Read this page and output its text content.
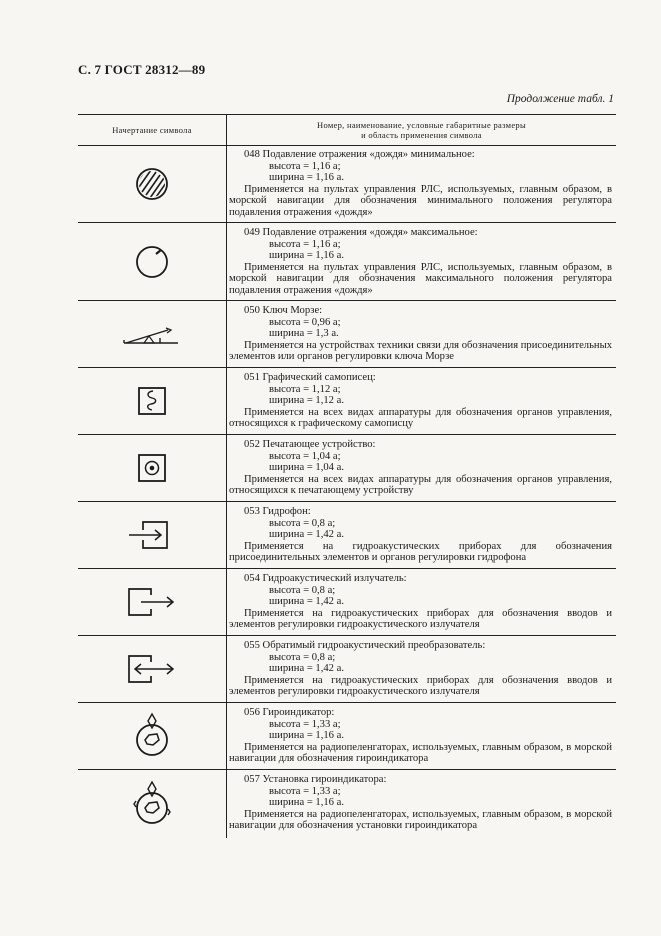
С. 7 ГОСТ 28312—89
Продолжение табл. 1
Начертание символа	Номер, наименование, условные габаритные размеры
и область применения символа
048 Подавление отражения «дождя» минимальное:
высота = 1,16 a;
ширина = 1,16 a.
Применяется на пультах управления РЛС, используемых, главным образом, в морской навигации для обозначения минимального положения регулятора подавления отражения «дождя»
049 Подавление отражения «дождя» максимальное:
высота = 1,16 a;
ширина = 1,16 a.
Применяется на пультах управления РЛС, используемых, главным образом, в морской навигации для обозначения максимального положения регулятора подавления отражения «дождя»
050 Ключ Морзе:
высота = 0,96 a;
ширина = 1,3 a.
Применяется на устройствах техники связи для обозначения присоединительных элементов или органов регулировки ключа Морзе
051 Графический самописец:
высота = 1,12 a;
ширина = 1,12 a.
Применяется на всех видах аппаратуры для обозначения органов управления, относящихся к графическому самописцу
052 Печатающее устройство:
высота = 1,04 a;
ширина = 1,04 a.
Применяется на всех видах аппаратуры для обозначения органов управления, относящихся к печатающему устройству
053 Гидрофон:
высота = 0,8 a;
ширина = 1,42 a.
Применяется на гидроакустических приборах для обозначения присоединительных элементов и органов регулировки гидрофона
054 Гидроакустический излучатель:
высота = 0,8 a;
ширина = 1,42 a.
Применяется на гидроакустических приборах для обозначения вводов и элементов регулировки гидроакустического излучателя
055 Обратимый гидроакустический преобразователь:
высота = 0,8 a;
ширина = 1,42 a.
Применяется на гидроакустических приборах для обозначения вводов и элементов регулировки гидроакустического излучателя
056 Гироиндикатор:
высота = 1,33 a;
ширина = 1,16 a.
Применяется на радиопеленгаторах, используемых, главным образом, в морской навигации для обозначения гироиндикатора
057 Установка гироиндикатора:
высота = 1,33 a;
ширина = 1,16 a.
Применяется на радиопеленгаторах, используемых, главным образом, в морской навигации для обозначения установки гироиндикатора
